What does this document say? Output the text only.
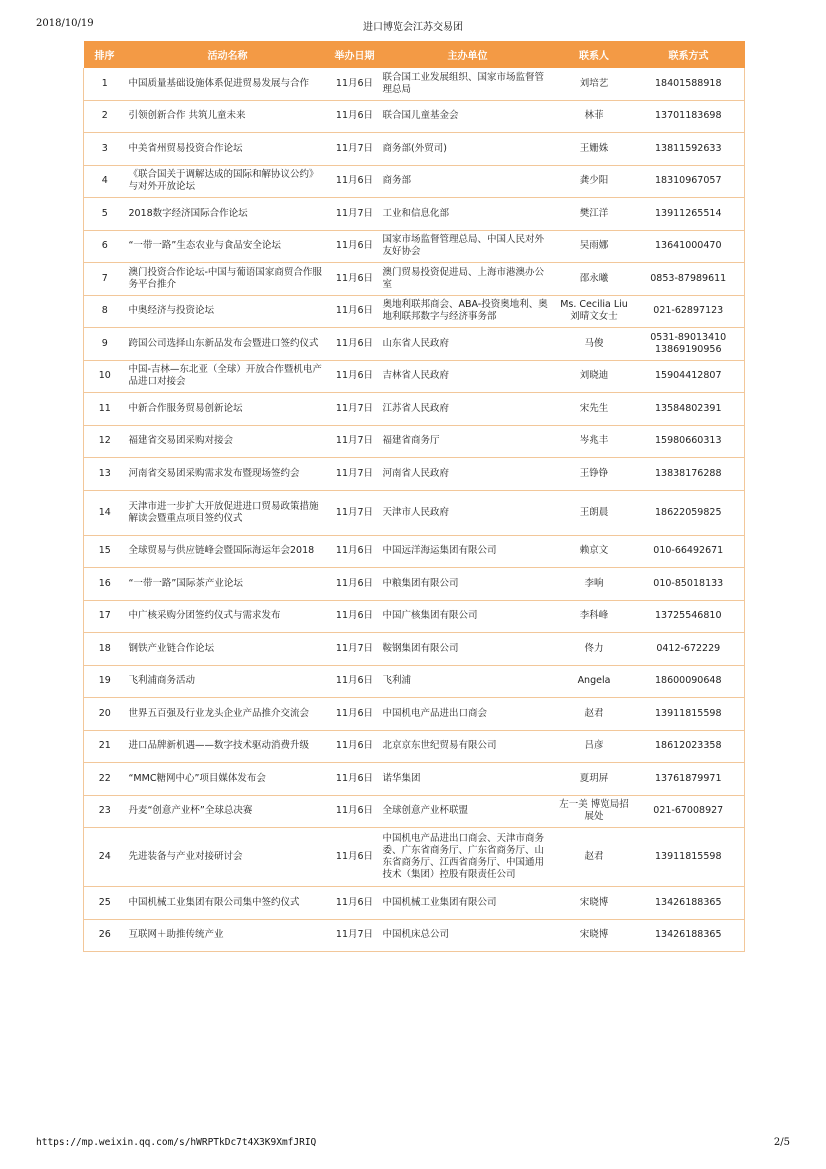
2018/10/19	进口博览会江苏交易团
排序	活动名称	举办日期	主办单位	联系人	联系方式
1	中国质量基础设施体系促进贸易发展与合作	11月6日	联合国工业发展组织、国家市场监督管理总局	刘培艺	18401588918
2	引领创新合作 共筑儿童未来	11月6日	联合国儿童基金会	林菲	13701183698
3	中美省州贸易投资合作论坛	11月7日	商务部(外贸司)	王姗姝	13811592633
4	《联合国关于调解达成的国际和解协议公约》与对外开放论坛	11月6日	商务部	龚少阳	18310967057
5	2018数字经济国际合作论坛	11月7日	工业和信息化部	樊江洋	13911265514
6	“一带一路”生态农业与食品安全论坛	11月6日	国家市场监督管理总局、中国人民对外友好协会	吴雨娜	13641000470
7	澳门投资合作论坛-中国与葡语国家商贸合作服务平台推介	11月6日	澳门贸易投资促进局、上海市港澳办公室	邵永曦	0853-87989611
8	中奥经济与投资论坛	11月6日	奥地利联邦商会、ABA-投资奥地利、奥地利联邦数字与经济事务部	Ms. Cecilia Liu 刘晴文女士	021-62897123
9	跨国公司选择山东新品发布会暨进口签约仪式	11月6日	山东省人民政府	马俊	0531-89013410 13869190956
10	中国-吉林—东北亚（全球）开放合作暨机电产品进口对接会	11月6日	吉林省人民政府	刘晓迪	15904412807
11	中新合作服务贸易创新论坛	11月7日	江苏省人民政府	宋先生	13584802391
12	福建省交易团采购对接会	11月7日	福建省商务厅	岑兆丰	15980660313
13	河南省交易团采购需求发布暨现场签约会	11月7日	河南省人民政府	王铮铮	13838176288
14	天津市进一步扩大开放促进进口贸易政策措施解读会暨重点项目签约仪式	11月7日	天津市人民政府	王朗晨	18622059825
15	全球贸易与供应链峰会暨国际海运年会2018	11月6日	中国远洋海运集团有限公司	赖京文	010-66492671
16	“一带一路”国际茶产业论坛	11月6日	中粮集团有限公司	李响	010-85018133
17	中广核采购分团签约仪式与需求发布	11月6日	中国广核集团有限公司	李科峰	13725546810
18	钢铁产业链合作论坛	11月7日	鞍钢集团有限公司	佟力	0412-672229
19	飞利浦商务活动	11月6日	飞利浦	Angela	18600090648
20	世界五百强及行业龙头企业产品推介交流会	11月6日	中国机电产品进出口商会	赵君	13911815598
21	进口品牌新机遇——数字技术驱动消费升级	11月6日	北京京东世纪贸易有限公司	吕彦	18612023358
22	“MMC糖网中心”项目媒体发布会	11月6日	诺华集团	夏玥屏	13761879971
23	丹麦“创意产业杯”全球总决赛	11月6日	全球创意产业杯联盟	左一美 博览局招展处	021-67008927
24	先进装备与产业对接研讨会	11月6日	中国机电产品进出口商会、天津市商务委、广东省商务厅、广东省商务厅、山东省商务厅、江西省商务厅、中国通用技术（集团）控股有限责任公司	赵君	13911815598
25	中国机械工业集团有限公司集中签约仪式	11月6日	中国机械工业集团有限公司	宋晓博	13426188365
26	互联网＋助推传统产业	11月7日	中国机床总公司	宋晓博	13426188365
https://mp.weixin.qq.com/s/hWRPTkDc7t4X3K9XmfJRIQ	2/5
